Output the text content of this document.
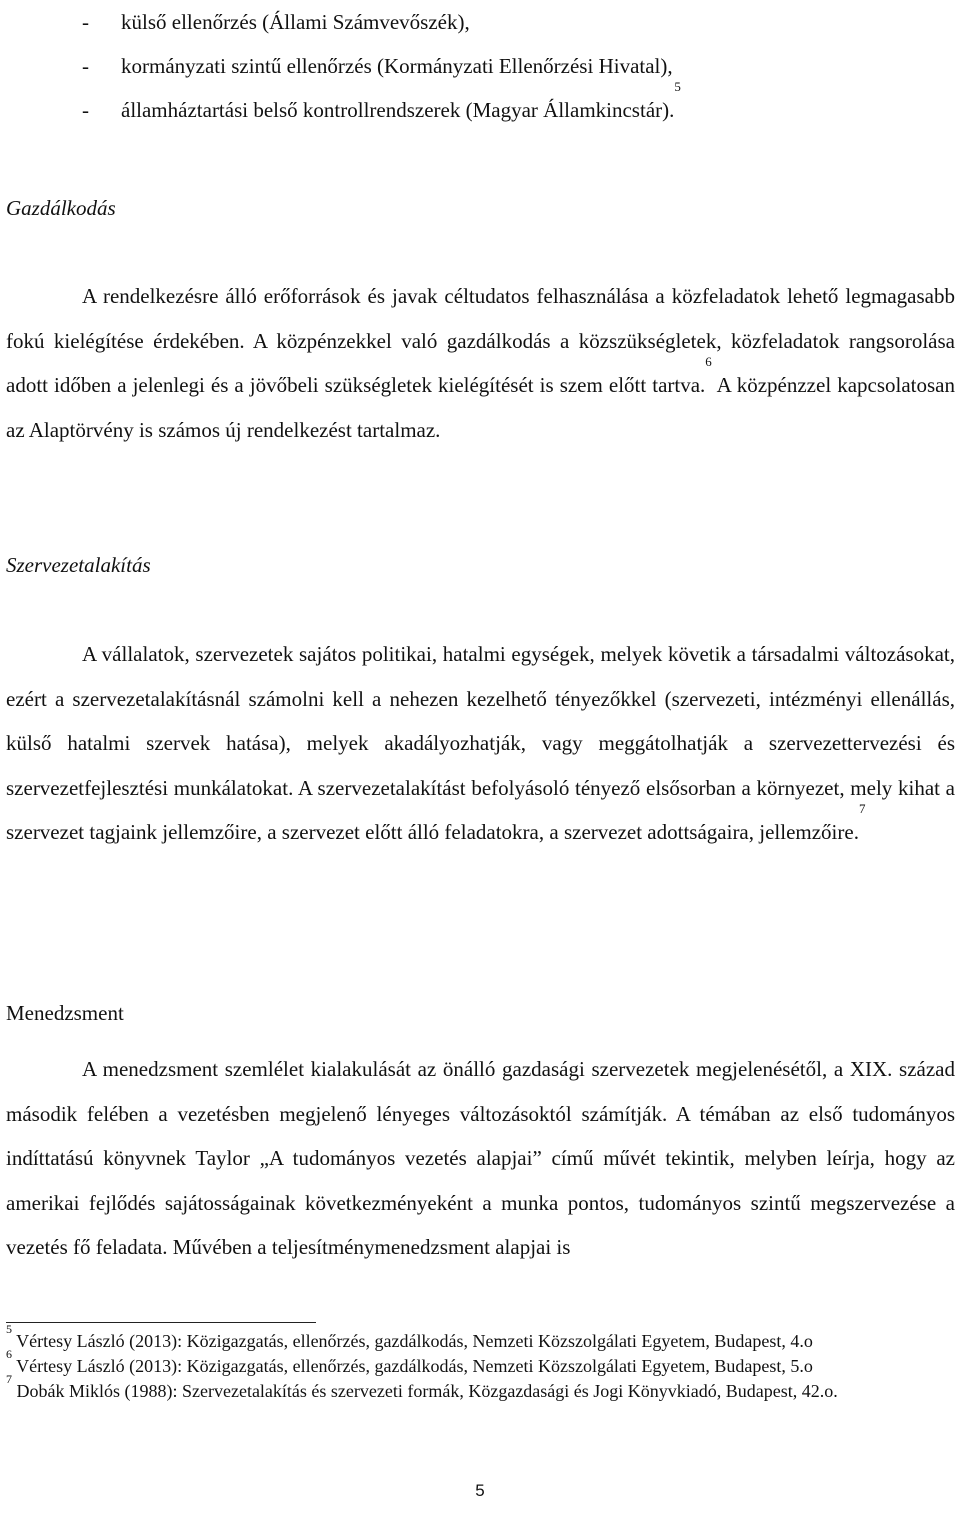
- külső ellenőrzés (Állami Számvevőszék),
- kormányzati szintű ellenőrzés (Kormányzati Ellenőrzési Hivatal),
- államháztartási belső kontrollrendszerek (Magyar Államkincstár).$^5$
Gazdálkodás

A rendelkezésre álló erőforrások és javak céltudatos felhasználása a közfeladatok lehető legmagasabb fokú kielégítése érdekében. A közpénzekkel való gazdálkodás a közszükségletek, közfeladatok rangsorolása adott időben a jelenlegi és a jövőbeli szükségletek kielégítését is szem előtt tartva.$^6$ A közpénzzel kapcsolatosan az Alaptörvény is számos új rendelkezést tartalmaz.

Szervezetalakítás

A vállalatok, szervezetek sajátos politikai, hatalmi egységek, melyek követik a társadalmi változásokat, ezért a szervezetalakításnál számolni kell a nehezen kezelhető tényezőkkel (szervezeti, intézményi ellenállás, külső hatalmi szervek hatása), melyek akadályozhatják, vagy meggátolhatják a szervezettervezési és szervezetfejlesztési munkálatokat. A szervezetalakítást befolyásoló tényező elsősorban a környezet, mely kihat a szervezet tagjaink jellemzőire, a szervezet előtt álló feladatokra, a szervezet adottságaira, jellemzőire.$^7$

Menedzsment

A menedzsment szemlélet kialakulását az önálló gazdasági szervezetek megjelenésétől, a XIX. század második felében a vezetésben megjelenő lényeges változásoktól számítják. A témában az első tudományos indíttatású könyvnek Taylor „A tudományos vezetés alapjai” című művét tekintik, melyben leírja, hogy az amerikai fejlődés sajátosságainak következményeként a munka pontos, tudományos szintű megszervezése a vezetés fő feladata. Művében a teljesítménymenedzsment alapjai is

$^5$ Vértesy László (2013): Közigazgatás, ellenőrzés, gazdálkodás, Nemzeti Közszolgálati Egyetem, Budapest, 4.o

$^6$ Vértesy László (2013): Közigazgatás, ellenőrzés, gazdálkodás, Nemzeti Közszolgálati Egyetem, Budapest, 5.o

$^7$ Dobák Miklós (1988): Szervezetalakítás és szervezeti formák, Közgazdasági és Jogi Könyvkiadó, Budapest, 42.o.

5
